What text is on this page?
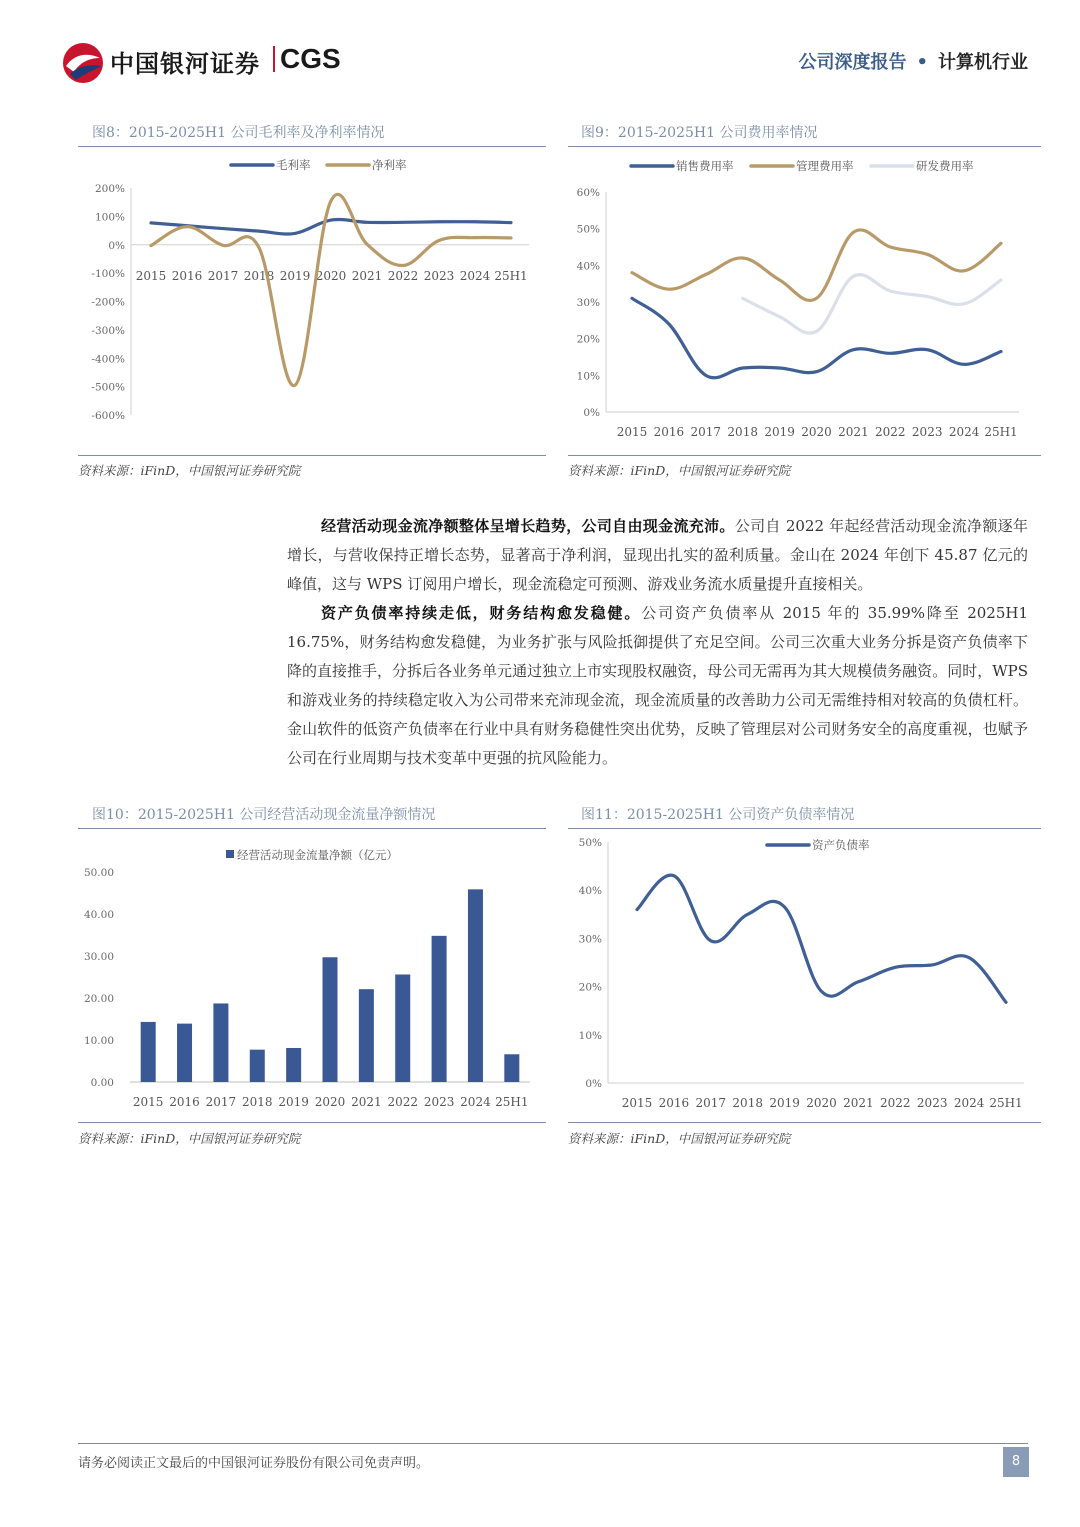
中国银河证券 CGS	公司深度报告 • 计算机行业
图8：2015-2025H1 公司毛利率及净利率情况
200%
100%
0%
-100%
-200%
-300%
-400%
-500%
-600%
2015 2016 2017 2018 2019 2020 2021 2022 2023 2024 25H1
毛利率	净利率
资料来源：iFinD，中国银河证券研究院
图9：2015-2025H1 公司费用率情况
0%
10%
20%
30%
40%
50%
60%
2015 2016 2017 2018 2019 2020 2021 2022 2023 2024 25H1
销售费用率	管理费用率	研发费用率
资料来源：iFinD，中国银河证券研究院

经营活动现金流净额整体呈增长趋势，公司自由现金流充沛。公司自 2022 年起经营活动现金流净额逐年增长，与营收保持正增长态势，显著高于净利润，显现出扎实的盈利质量。金山在 2024 年创下 45.87 亿元的峰值，这与 WPS 订阅用户增长，现金流稳定可预测、游戏业务流水质量提升直接相关。

资产负债率持续走低，财务结构愈发稳健。公司资产负债率从 2015 年的 35.99%降至 2025H1 16.75%，财务结构愈发稳健，为业务扩张与风险抵御提供了充足空间。公司三次重大业务分拆是资产负债率下降的直接推手，分拆后各业务单元通过独立上市实现股权融资，母公司无需再为其大规模债务融资。同时，WPS 和游戏业务的持续稳定收入为公司带来充沛现金流，现金流质量的改善助力公司无需维持相对较高的负债杠杆。金山软件的低资产负债率在行业中具有财务稳健性突出优势，反映了管理层对公司财务安全的高度重视，也赋予公司在行业周期与技术变革中更强的抗风险能力。

图10：2015-2025H1 公司经营活动现金流量净额情况
0.00
10.00
20.00
30.00
40.00
50.00
2015 2016 2017 2018 2019 2020 2021 2022 2023 2024 25H1
经营活动现金流量净额（亿元）
资料来源：iFinD，中国银河证券研究院
图11：2015-2025H1 公司资产负债率情况
0%
10%
20%
30%
40%
50%
2015 2016 2017 2018 2019 2020 2021 2022 2023 2024 25H1
资产负债率
资料来源：iFinD，中国银河证券研究院
请务必阅读正文最后的中国银河证券股份有限公司免责声明。	8
